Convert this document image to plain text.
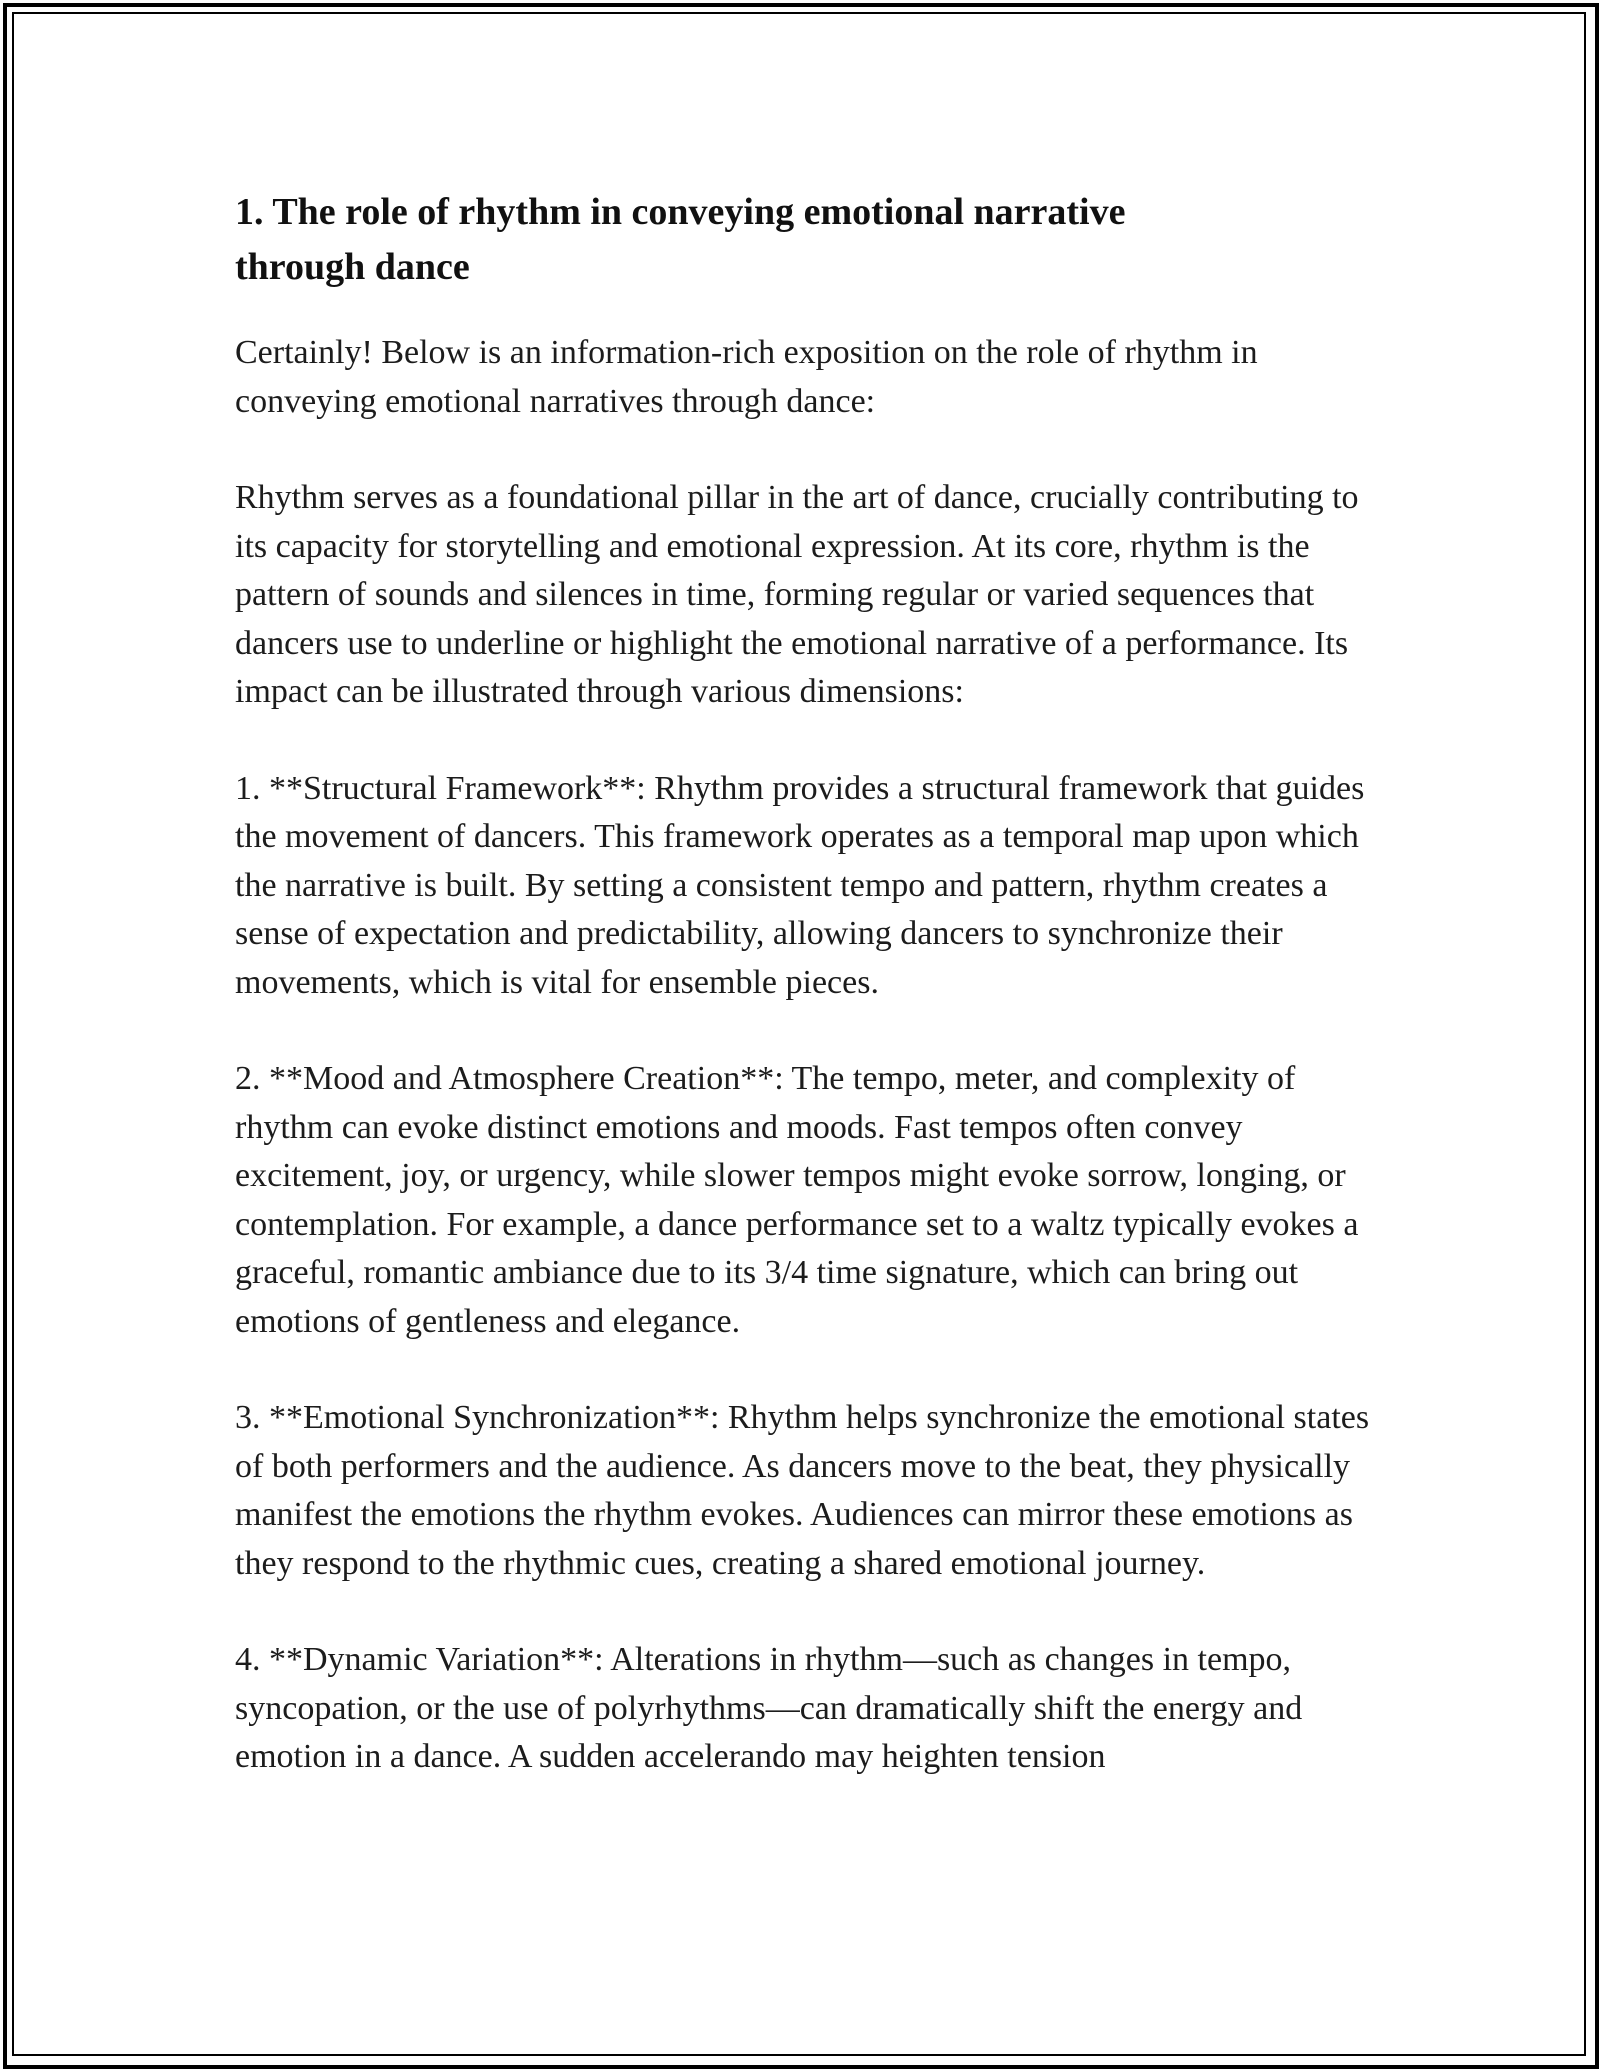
1. The role of rhythm in conveying emotional narrative through dance

Certainly! Below is an information-rich exposition on the role of rhythm in conveying emotional narratives through dance:

Rhythm serves as a foundational pillar in the art of dance, crucially contributing to its capacity for storytelling and emotional expression. At its core, rhythm is the pattern of sounds and silences in time, forming regular or varied sequences that dancers use to underline or highlight the emotional narrative of a performance. Its impact can be illustrated through various dimensions:

1. **Structural Framework**: Rhythm provides a structural framework that guides the movement of dancers. This framework operates as a temporal map upon which the narrative is built. By setting a consistent tempo and pattern, rhythm creates a sense of expectation and predictability, allowing dancers to synchronize their movements, which is vital for ensemble pieces.

2. **Mood and Atmosphere Creation**: The tempo, meter, and complexity of rhythm can evoke distinct emotions and moods. Fast tempos often convey excitement, joy, or urgency, while slower tempos might evoke sorrow, longing, or contemplation. For example, a dance performance set to a waltz typically evokes a graceful, romantic ambiance due to its 3/4 time signature, which can bring out emotions of gentleness and elegance.

3. **Emotional Synchronization**: Rhythm helps synchronize the emotional states of both performers and the audience. As dancers move to the beat, they physically manifest the emotions the rhythm evokes. Audiences can mirror these emotions as they respond to the rhythmic cues, creating a shared emotional journey.

4. **Dynamic Variation**: Alterations in rhythm—such as changes in tempo, syncopation, or the use of polyrhythms—can dramatically shift the energy and emotion in a dance. A sudden accelerando may heighten tension
